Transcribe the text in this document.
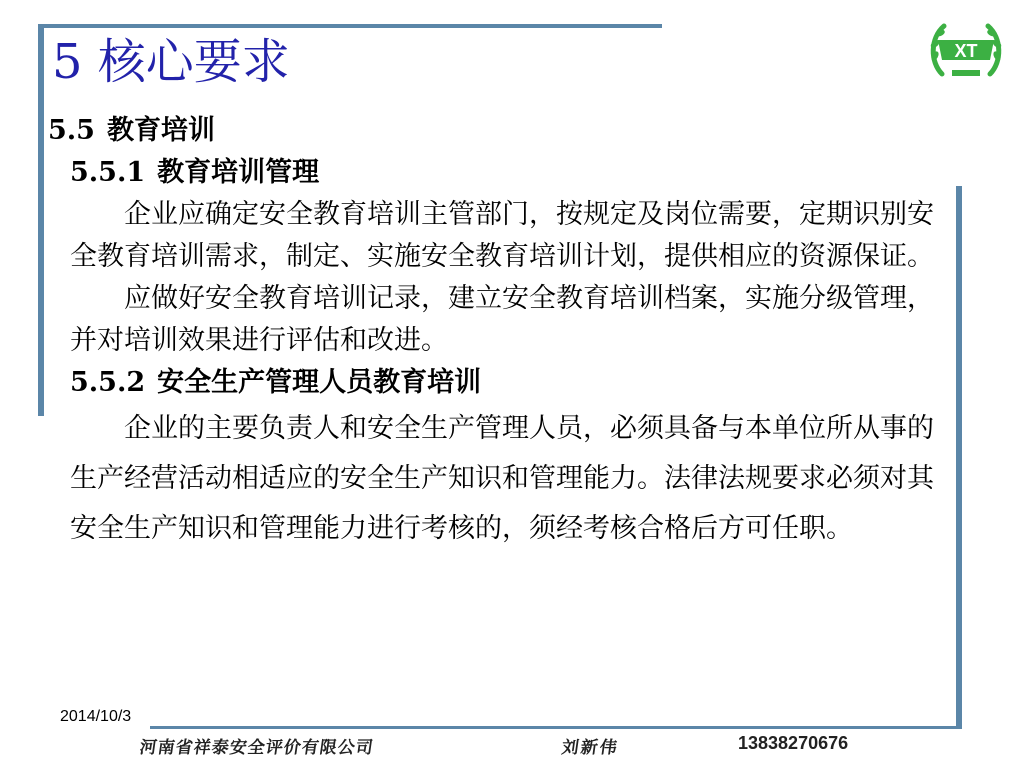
5 核心要求	XT

5.5 教育培训

5.5.1 教育培训管理

企业应确定安全教育培训主管部门，按规定及岗位需要，定期识别安全教育培训需求，制定、实施安全教育培训计划，提供相应的资源保证。

应做好安全教育培训记录，建立安全教育培训档案，实施分级管理，并对培训效果进行评估和改进。

5.5.2 安全生产管理人员教育培训

企业的主要负责人和安全生产管理人员，必须具备与本单位所从事的生产经营活动相适应的安全生产知识和管理能力。法律法规要求必须对其安全生产知识和管理能力进行考核的，须经考核合格后方可任职。

2014/10/3
河南省祥泰安全评价有限公司	刘新伟	13838270676
